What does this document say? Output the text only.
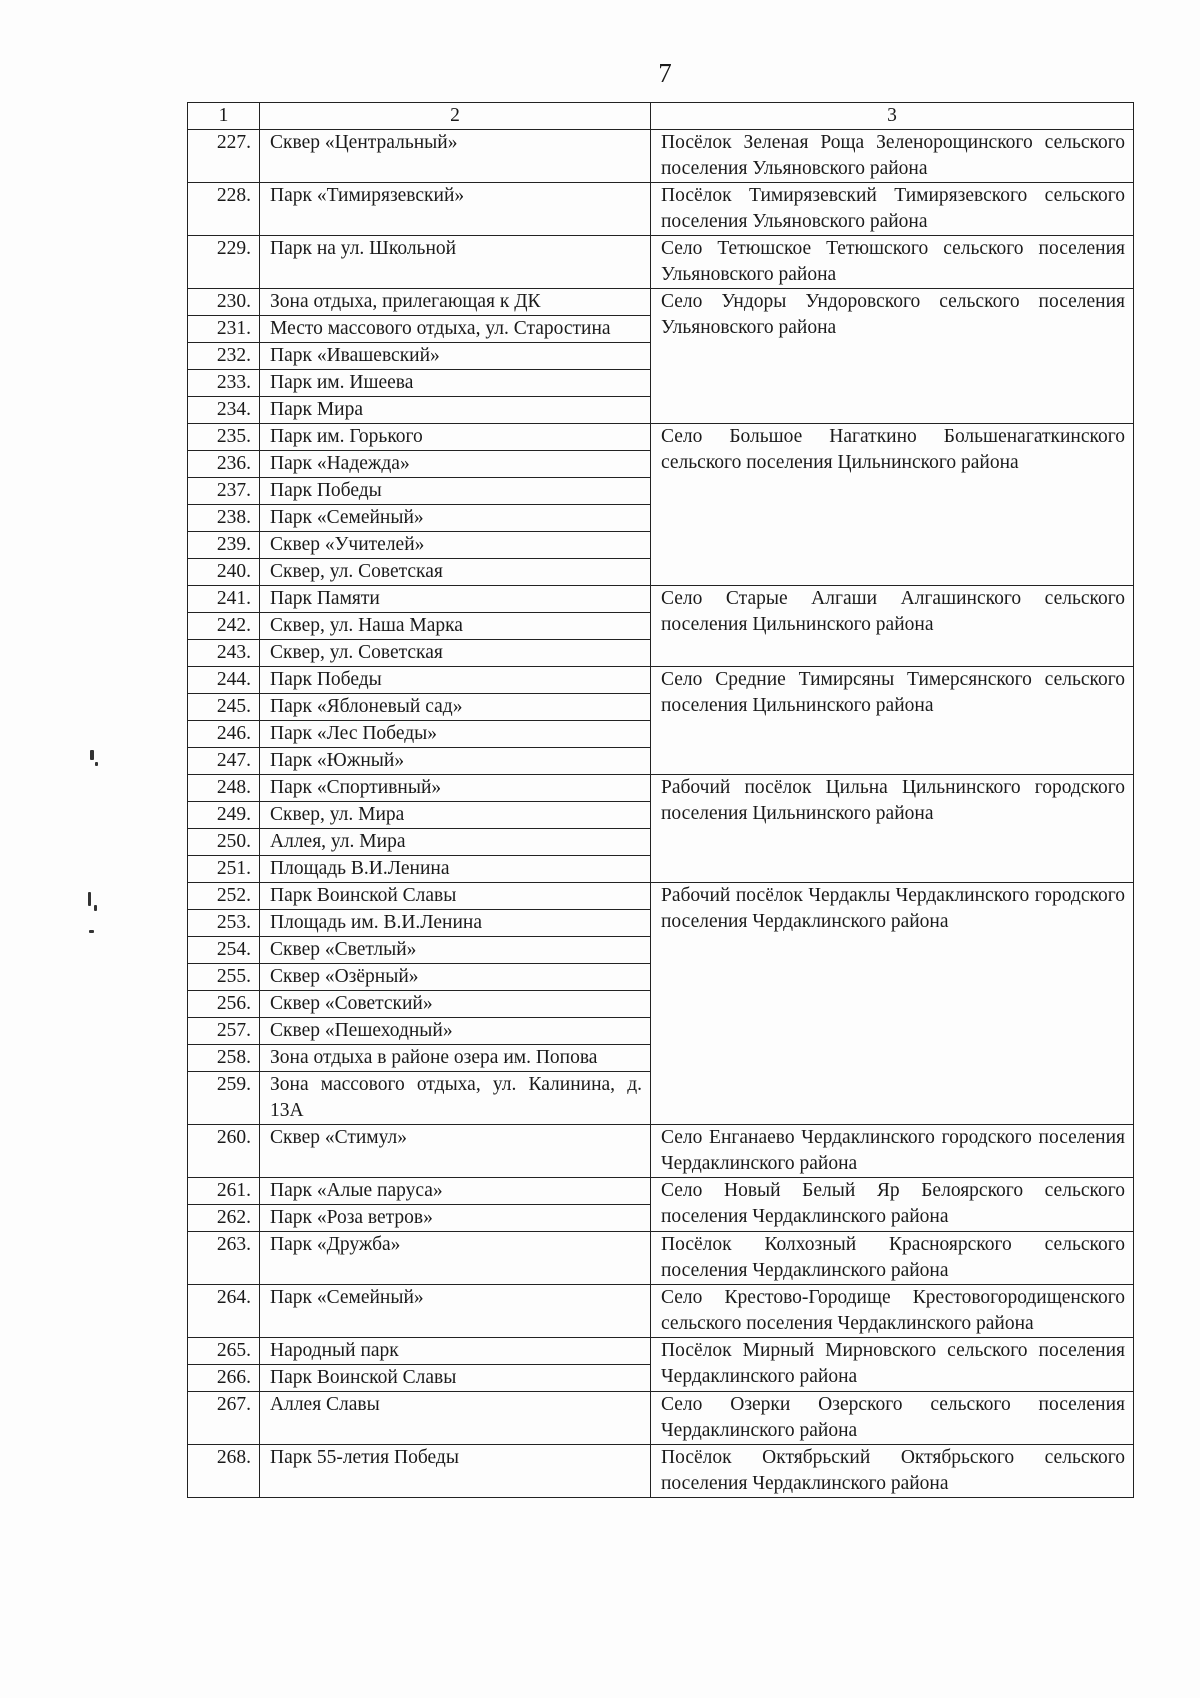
7
1	2	3
227.	Сквер «Центральный»	Посёлок Зеленая Роща Зеленорощинского сельского поселения Ульяновского района
228.	Парк «Тимирязевский»	Посёлок Тимирязевский Тимирязевского сельского поселения Ульяновского района
229.	Парк на ул. Школьной	Село Тетюшское Тетюшского сельского поселения Ульяновского района
230.	Зона отдыха, прилегающая к ДК	Село Ундоры Ундоровского сельского поселения Ульяновского района
231.	Место массового отдыха, ул. Старостина	
232.	Парк «Ивашевский»	
233.	Парк им. Ишеева	
234.	Парк Мира	
235.	Парк им. Горького	Село Большое Нагаткино Большенагаткинского сельского поселения Цильнинского района
236.	Парк «Надежда»	
237.	Парк Победы	
238.	Парк «Семейный»	
239.	Сквер «Учителей»	
240.	Сквер, ул. Советская	
241.	Парк Памяти	Село Старые Алгаши Алгашинского сельского поселения Цильнинского района
242.	Сквер, ул. Наша Марка	
243.	Сквер, ул. Советская	
244.	Парк Победы	Село Средние Тимирсяны Тимерсянского сельского поселения Цильнинского района
245.	Парк «Яблоневый сад»	
246.	Парк «Лес Победы»	
247.	Парк «Южный»	
248.	Парк «Спортивный»	Рабочий посёлок Цильна Цильнинского городского поселения Цильнинского района
249.	Сквер, ул. Мира	
250.	Аллея, ул. Мира	
251.	Площадь В.И.Ленина	
252.	Парк Воинской Славы	Рабочий посёлок Чердаклы Чердаклинского городского поселения Чердаклинского района
253.	Площадь им. В.И.Ленина	
254.	Сквер «Светлый»	
255.	Сквер «Озёрный»	
256.	Сквер «Советский»	
257.	Сквер «Пешеходный»	
258.	Зона отдыха в районе озера им. Попова	
259.	Зона массового отдыха, ул. Калинина, д. 13А	
260.	Сквер «Стимул»	Село Енганаево Чердаклинского городского поселения Чердаклинского района
261.	Парк «Алые паруса»	Село Новый Белый Яр Белоярского сельского поселения Чердаклинского района
262.	Парк «Роза ветров»	
263.	Парк «Дружба»	Посёлок Колхозный Красноярского сельского поселения Чердаклинского района
264.	Парк «Семейный»	Село Крестово-Городище Крестовогородищенского сельского поселения Чердаклинского района
265.	Народный парк	Посёлок Мирный Мирновского сельского поселения Чердаклинского района
266.	Парк Воинской Славы	
267.	Аллея Славы	Село Озерки Озерского сельского поселения Чердаклинского района
268.	Парк 55-летия Победы	Посёлок Октябрьский Октябрьского сельского поселения Чердаклинского района
